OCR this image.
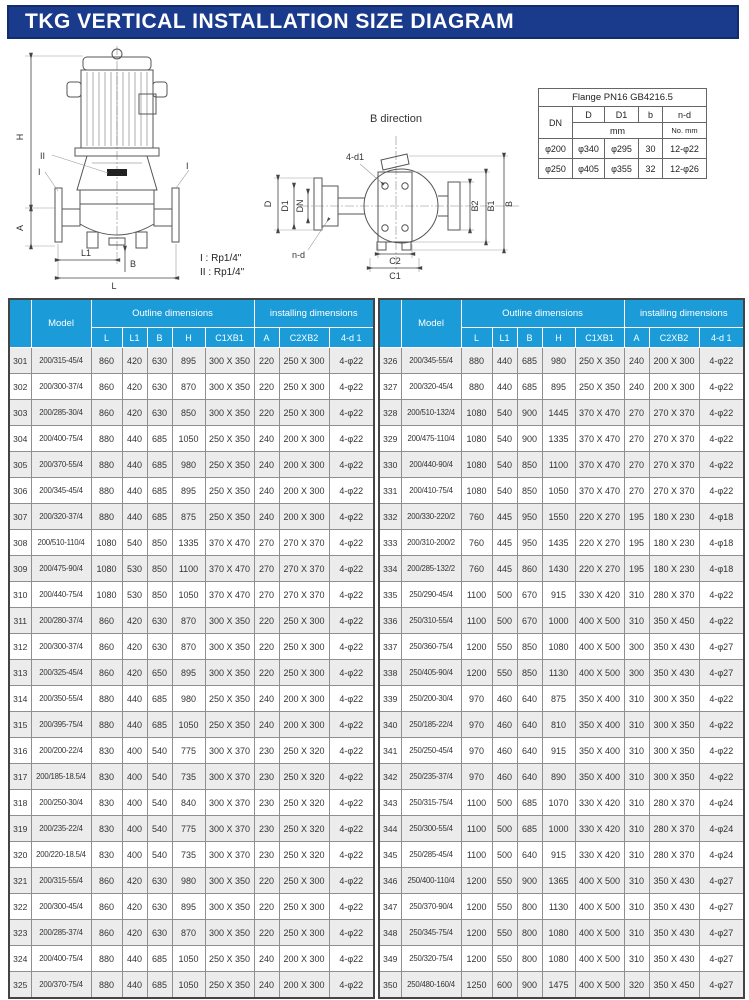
TKG VERTICAL INSTALLATION SIZE DIAGRAM
H
A
II
I
I
L1
B
L
B direction
D D1 DN
n-d
4-d1
B2 B1 B
C2
C1
I : Rp1/4"
II : Rp1/4"
Flange PN16 GB4216.5				
DN	D	D1	b	n-d
	mm			No. mm
φ200	φ340	φ295	30	12-φ22
φ250	φ405	φ355	32	12-φ26
	Model	Outline dimensions					installing dimensions		
		L	L1	B	H	C1XB1	A	C2XB2	4-d 1
301	200/315-45/4	860	420	630	895	300 X 350	220	250 X 300	4-φ22
302	200/300-37/4	860	420	630	870	300 X 350	220	250 X 300	4-φ22
303	200/285-30/4	860	420	630	850	300 X 350	220	250 X 300	4-φ22
304	200/400-75/4	880	440	685	1050	250 X 350	240	200 X 300	4-φ22
305	200/370-55/4	880	440	685	980	250 X 350	240	200 X 300	4-φ22
306	200/345-45/4	880	440	685	895	250 X 350	240	200 X 300	4-φ22
307	200/320-37/4	880	440	685	875	250 X 350	240	200 X 300	4-φ22
308	200/510-110/4	1080	540	850	1335	370 X 470	270	270 X 370	4-φ22
309	200/475-90/4	1080	530	850	1100	370 X 470	270	270 X 370	4-φ22
310	200/440-75/4	1080	530	850	1050	370 X 470	270	270 X 370	4-φ22
311	200/280-37/4	860	420	630	870	300 X 350	220	250 X 300	4-φ22
312	200/300-37/4	860	420	630	870	300 X 350	220	250 X 300	4-φ22
313	200/325-45/4	860	420	650	895	300 X 350	220	250 X 300	4-φ22
314	200/350-55/4	880	440	685	980	250 X 350	240	200 X 300	4-φ22
315	200/395-75/4	880	440	685	1050	250 X 350	240	200 X 300	4-φ22
316	200/200-22/4	830	400	540	775	300 X 370	230	250 X 320	4-φ22
317	200/185-18.5/4	830	400	540	735	300 X 370	230	250 X 320	4-φ22
318	200/250-30/4	830	400	540	840	300 X 370	230	250 X 320	4-φ22
319	200/235-22/4	830	400	540	775	300 X 370	230	250 X 320	4-φ22
320	200/220-18.5/4	830	400	540	735	300 X 370	230	250 X 320	4-φ22
321	200/315-55/4	860	420	630	980	300 X 350	220	250 X 300	4-φ22
322	200/300-45/4	860	420	630	895	300 X 350	220	250 X 300	4-φ22
323	200/285-37/4	860	420	630	870	300 X 350	220	250 X 300	4-φ22
324	200/400-75/4	880	440	685	1050	250 X 350	240	200 X 300	4-φ22
325	200/370-75/4	880	440	685	1050	250 X 350	240	200 X 300	4-φ22
	Model	Outline dimensions					installing dimensions		
		L	L1	B	H	C1XB1	A	C2XB2	4-d 1
326	200/345-55/4	880	440	685	980	250 X 350	240	200 X 300	4-φ22
327	200/320-45/4	880	440	685	895	250 X 350	240	200 X 300	4-φ22
328	200/510-132/4	1080	540	900	1445	370 X 470	270	270 X 370	4-φ22
329	200/475-110/4	1080	540	900	1335	370 X 470	270	270 X 370	4-φ22
330	200/440-90/4	1080	540	850	1100	370 X 470	270	270 X 370	4-φ22
331	200/410-75/4	1080	540	850	1050	370 X 470	270	270 X 370	4-φ22
332	200/330-220/2	760	445	950	1550	220 X 270	195	180 X 230	4-φ18
333	200/310-200/2	760	445	950	1435	220 X 270	195	180 X 230	4-φ18
334	200/285-132/2	760	445	860	1430	220 X 270	195	180 X 230	4-φ18
335	250/290-45/4	1100	500	670	915	330 X 420	310	280 X 370	4-φ22
336	250/310-55/4	1100	500	670	1000	400 X 500	310	350 X 450	4-φ22
337	250/360-75/4	1200	550	850	1080	400 X 500	300	350 X 430	4-φ27
338	250/405-90/4	1200	550	850	1130	400 X 500	300	350 X 430	4-φ27
339	250/200-30/4	970	460	640	875	350 X 400	310	300 X 350	4-φ22
340	250/185-22/4	970	460	640	810	350 X 400	310	300 X 350	4-φ22
341	250/250-45/4	970	460	640	915	350 X 400	310	300 X 350	4-φ22
342	250/235-37/4	970	460	640	890	350 X 400	310	300 X 350	4-φ22
343	250/315-75/4	1100	500	685	1070	330 X 420	310	280 X 370	4-φ24
344	250/300-55/4	1100	500	685	1000	330 X 420	310	280 X 370	4-φ24
345	250/285-45/4	1100	500	640	915	330 X 420	310	280 X 370	4-φ24
346	250/400-110/4	1200	550	900	1365	400 X 500	310	350 X 430	4-φ27
347	250/370-90/4	1200	550	800	1130	400 X 500	310	350 X 430	4-φ27
348	250/345-75/4	1200	550	800	1080	400 X 500	310	350 X 430	4-φ27
349	250/320-75/4	1200	550	800	1080	400 X 500	310	350 X 430	4-φ27
350	250/480-160/4	1250	600	900	1475	400 X 500	320	350 X 450	4-φ27
